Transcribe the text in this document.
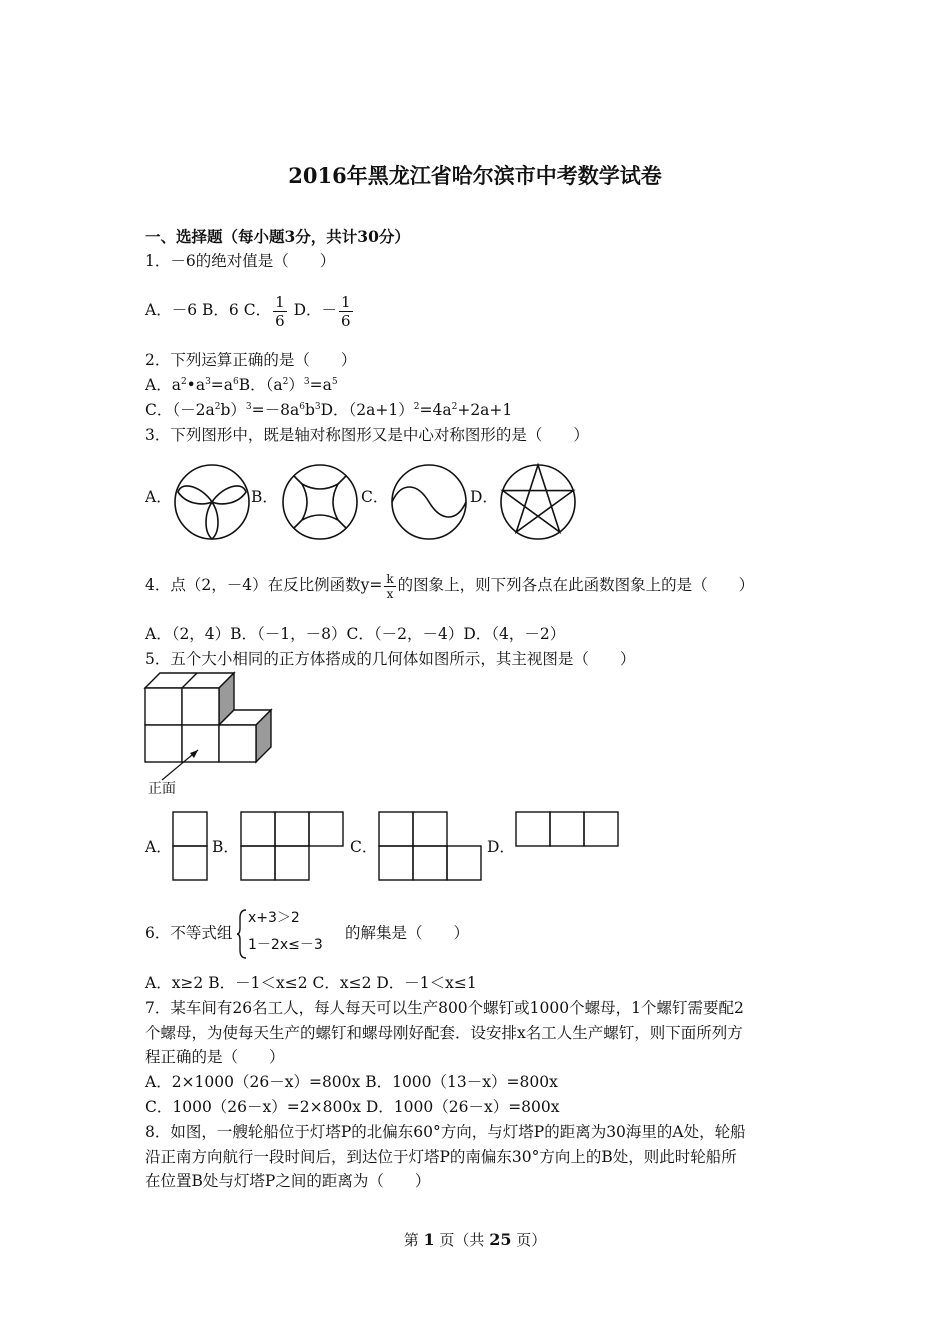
2016年黑龙江省哈尔滨市中考数学试卷
一、选择题（每小题3分，共计30分）
1．－6的绝对值是（　　）
A．－6 B．6 C． $\frac{1}{6}$ D．－ $\frac{1}{6}$
2．下列运算正确的是（　　）
A．$a^2•a^3=a^6B$．$(a^2)^3=a^5$
C．$(-2a^2b)^3=-8a^6b^3D$．$(2a+1)^2=4a^2+2a+1$
3．下列图形中，既是轴对称图形又是中心对称图形的是（　　）
A．	B．	C．	D．
4．点（2，－4）在反比例函数$y= \frac{k}{x}$ 的图象上，则下列各点在此函数图象上的是（　　）
A．（2，4）B．（－1，－8）C．（－2，－4）D．（4，－2）
5．五个大小相同的正方体搭成的几何体如图所示，其主视图是（　　）
正面
A．	B．	C．	D．
6．不等式组
x+3＞2
1－2x≤－3
的解集是（　　）
A．x≥2 B．－1＜x≤2 C．x≤2 D．－1＜x≤1
7．某车间有26名工人，每人每天可以生产800个螺钉或1000个螺母，1个螺钉需要配2
个螺母，为使每天生产的螺钉和螺母刚好配套．设安排x名工人生产螺钉，则下面所列方
程正确的是（　　）
A．2×1000（26－x）=800x B．1000（13－x）=800x
C．1000（26－x）=2×800x D．1000（26－x）=800x
8．如图，一艘轮船位于灯塔P的北偏东60°方向，与灯塔P的距离为30海里的A处，轮船
沿正南方向航行一段时间后，到达位于灯塔P的南偏东30°方向上的B处，则此时轮船所
在位置B处与灯塔P之间的距离为（　　）
第 1 页（共 25 页）
